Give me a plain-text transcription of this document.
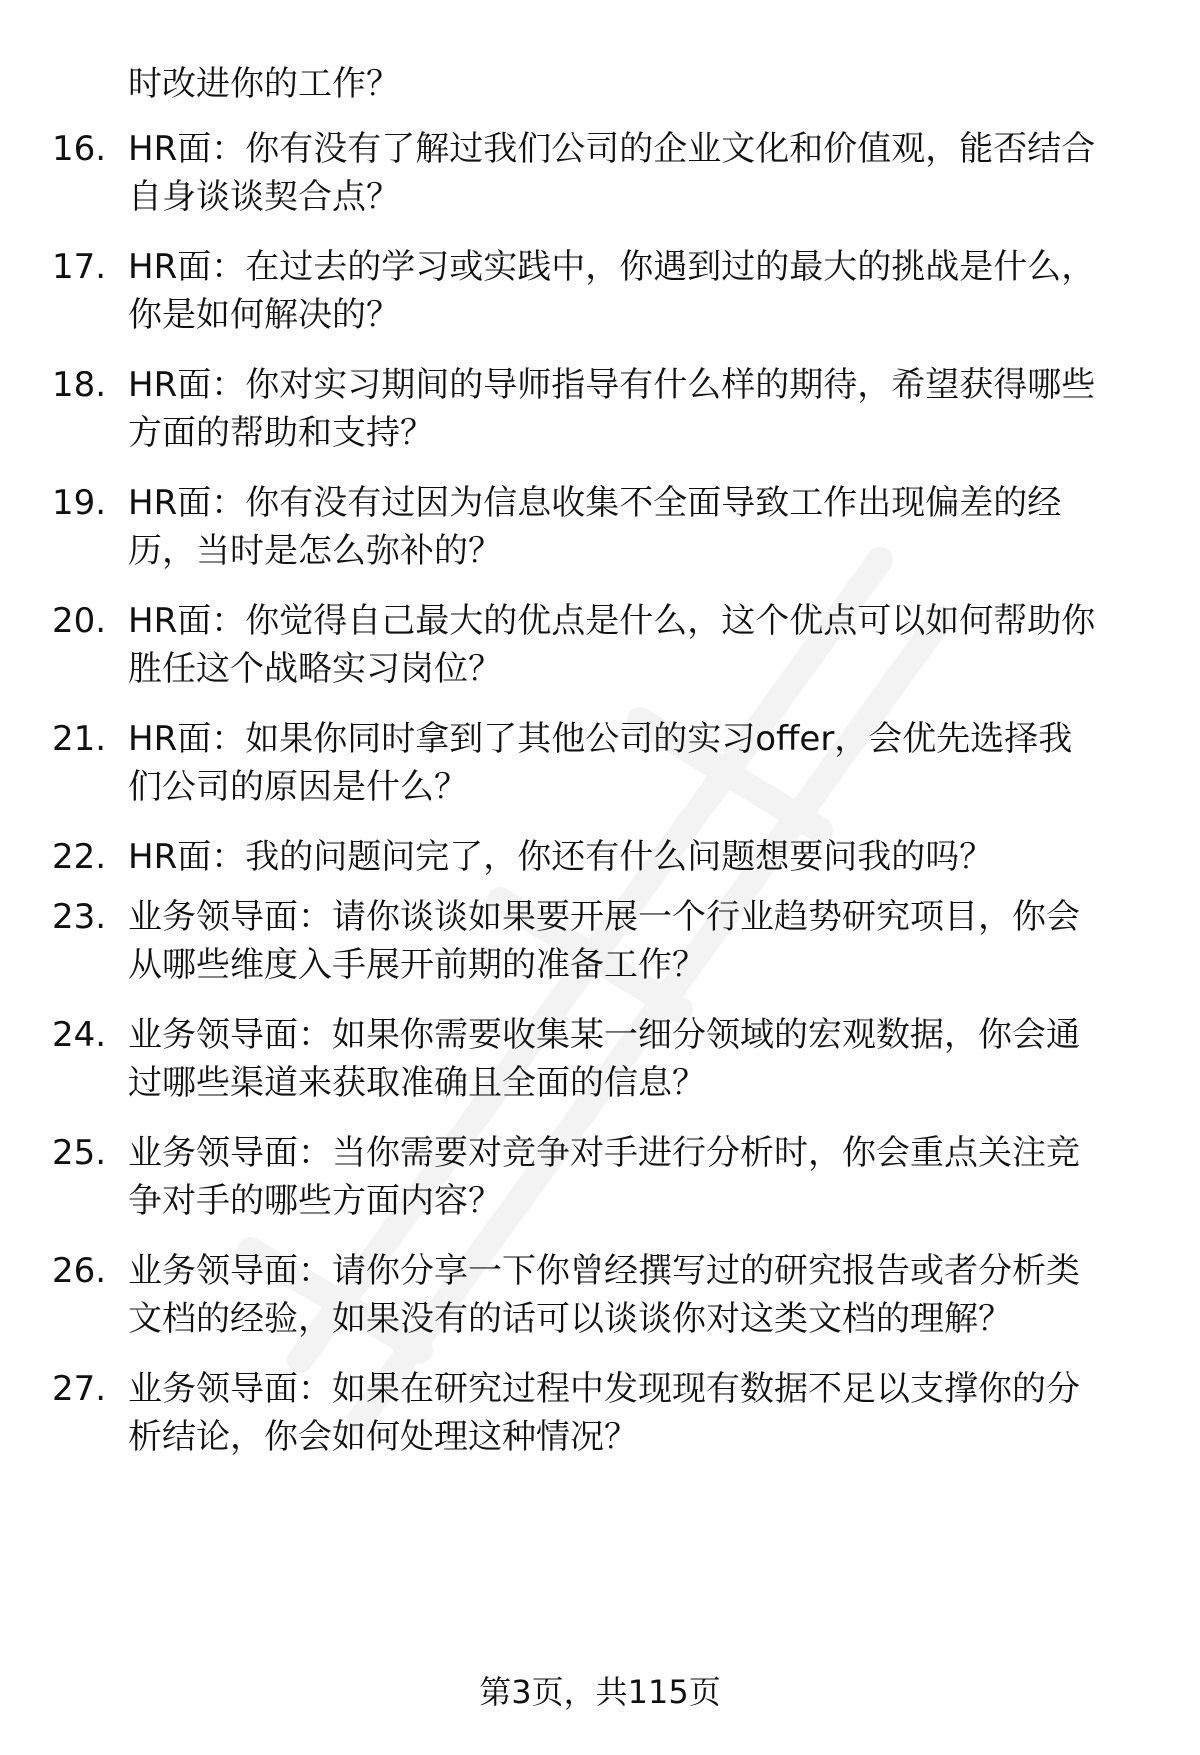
时改进你的工作？
16. HR面：你有没有了解过我们公司的企业文化和价值观，能否结合
自身谈谈契合点？
17. HR面：在过去的学习或实践中，你遇到过的最大的挑战是什么，
你是如何解决的？
18. HR面：你对实习期间的导师指导有什么样的期待，希望获得哪些
方面的帮助和支持？
19. HR面：你有没有过因为信息收集不全面导致工作出现偏差的经
历，当时是怎么弥补的？
20. HR面：你觉得自己最大的优点是什么，这个优点可以如何帮助你
胜任这个战略实习岗位？
21. HR面：如果你同时拿到了其他公司的实习offer，会优先选择我
们公司的原因是什么？
22. HR面：我的问题问完了，你还有什么问题想要问我的吗？
23. 业务领导面：请你谈谈如果要开展一个行业趋势研究项目，你会
从哪些维度入手展开前期的准备工作？
24. 业务领导面：如果你需要收集某一细分领域的宏观数据，你会通
过哪些渠道来获取准确且全面的信息？
25. 业务领导面：当你需要对竞争对手进行分析时，你会重点关注竞
争对手的哪些方面内容？
26. 业务领导面：请你分享一下你曾经撰写过的研究报告或者分析类
文档的经验，如果没有的话可以谈谈你对这类文档的理解？
27. 业务领导面：如果在研究过程中发现现有数据不足以支撑你的分
析结论，你会如何处理这种情况？
第3页，共115页
